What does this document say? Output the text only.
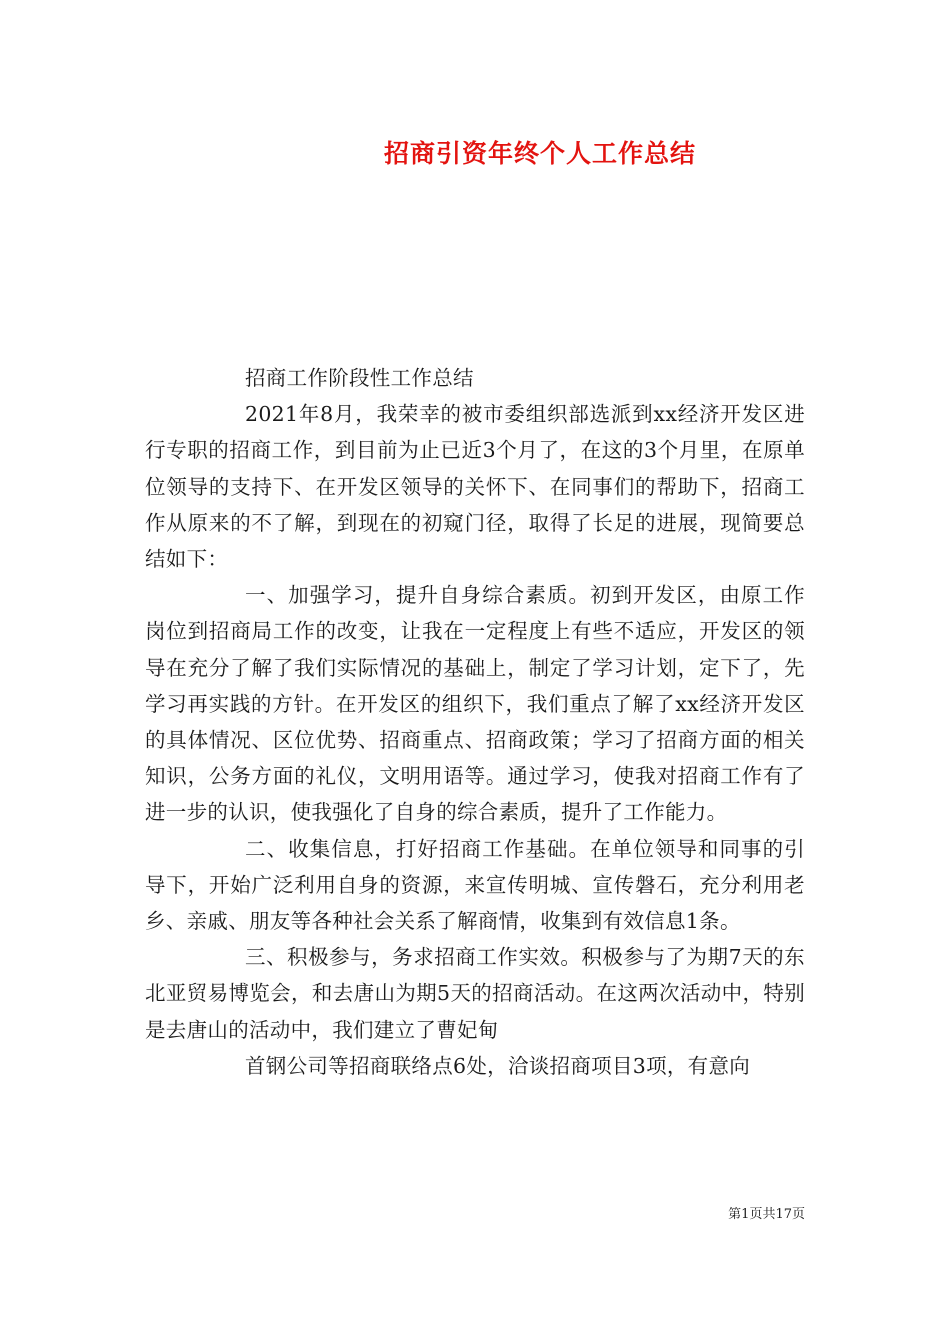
招商引资年终个人工作总结

招商工作阶段性工作总结

2021年8月，我荣幸的被市委组织部选派到xx经济开发区进行专职的招商工作，到目前为止已近3个月了，在这的3个月里，在原单位领导的支持下、在开发区领导的关怀下、在同事们的帮助下，招商工作从原来的不了解，到现在的初窥门径，取得了长足的进展，现简要总结如下：

一、加强学习，提升自身综合素质。初到开发区，由原工作岗位到招商局工作的改变，让我在一定程度上有些不适应，开发区的领导在充分了解了我们实际情况的基础上，制定了学习计划，定下了，先学习再实践的方针。在开发区的组织下，我们重点了解了xx经济开发区的具体情况、区位优势、招商重点、招商政策；学习了招商方面的相关知识，公务方面的礼仪，文明用语等。通过学习，使我对招商工作有了进一步的认识，使我强化了自身的综合素质，提升了工作能力。

二、收集信息，打好招商工作基础。在单位领导和同事的引导下，开始广泛利用自身的资源，来宣传明城、宣传磐石，充分利用老乡、亲戚、朋友等各种社会关系了解商情，收集到有效信息1条。

三、积极参与，务求招商工作实效。积极参与了为期7天的东北亚贸易博览会，和去唐山为期5天的招商活动。在这两次活动中，特别是去唐山的活动中，我们建立了曹妃甸

首钢公司等招商联络点6处，洽谈招商项目3项，有意向

第1页共17页
